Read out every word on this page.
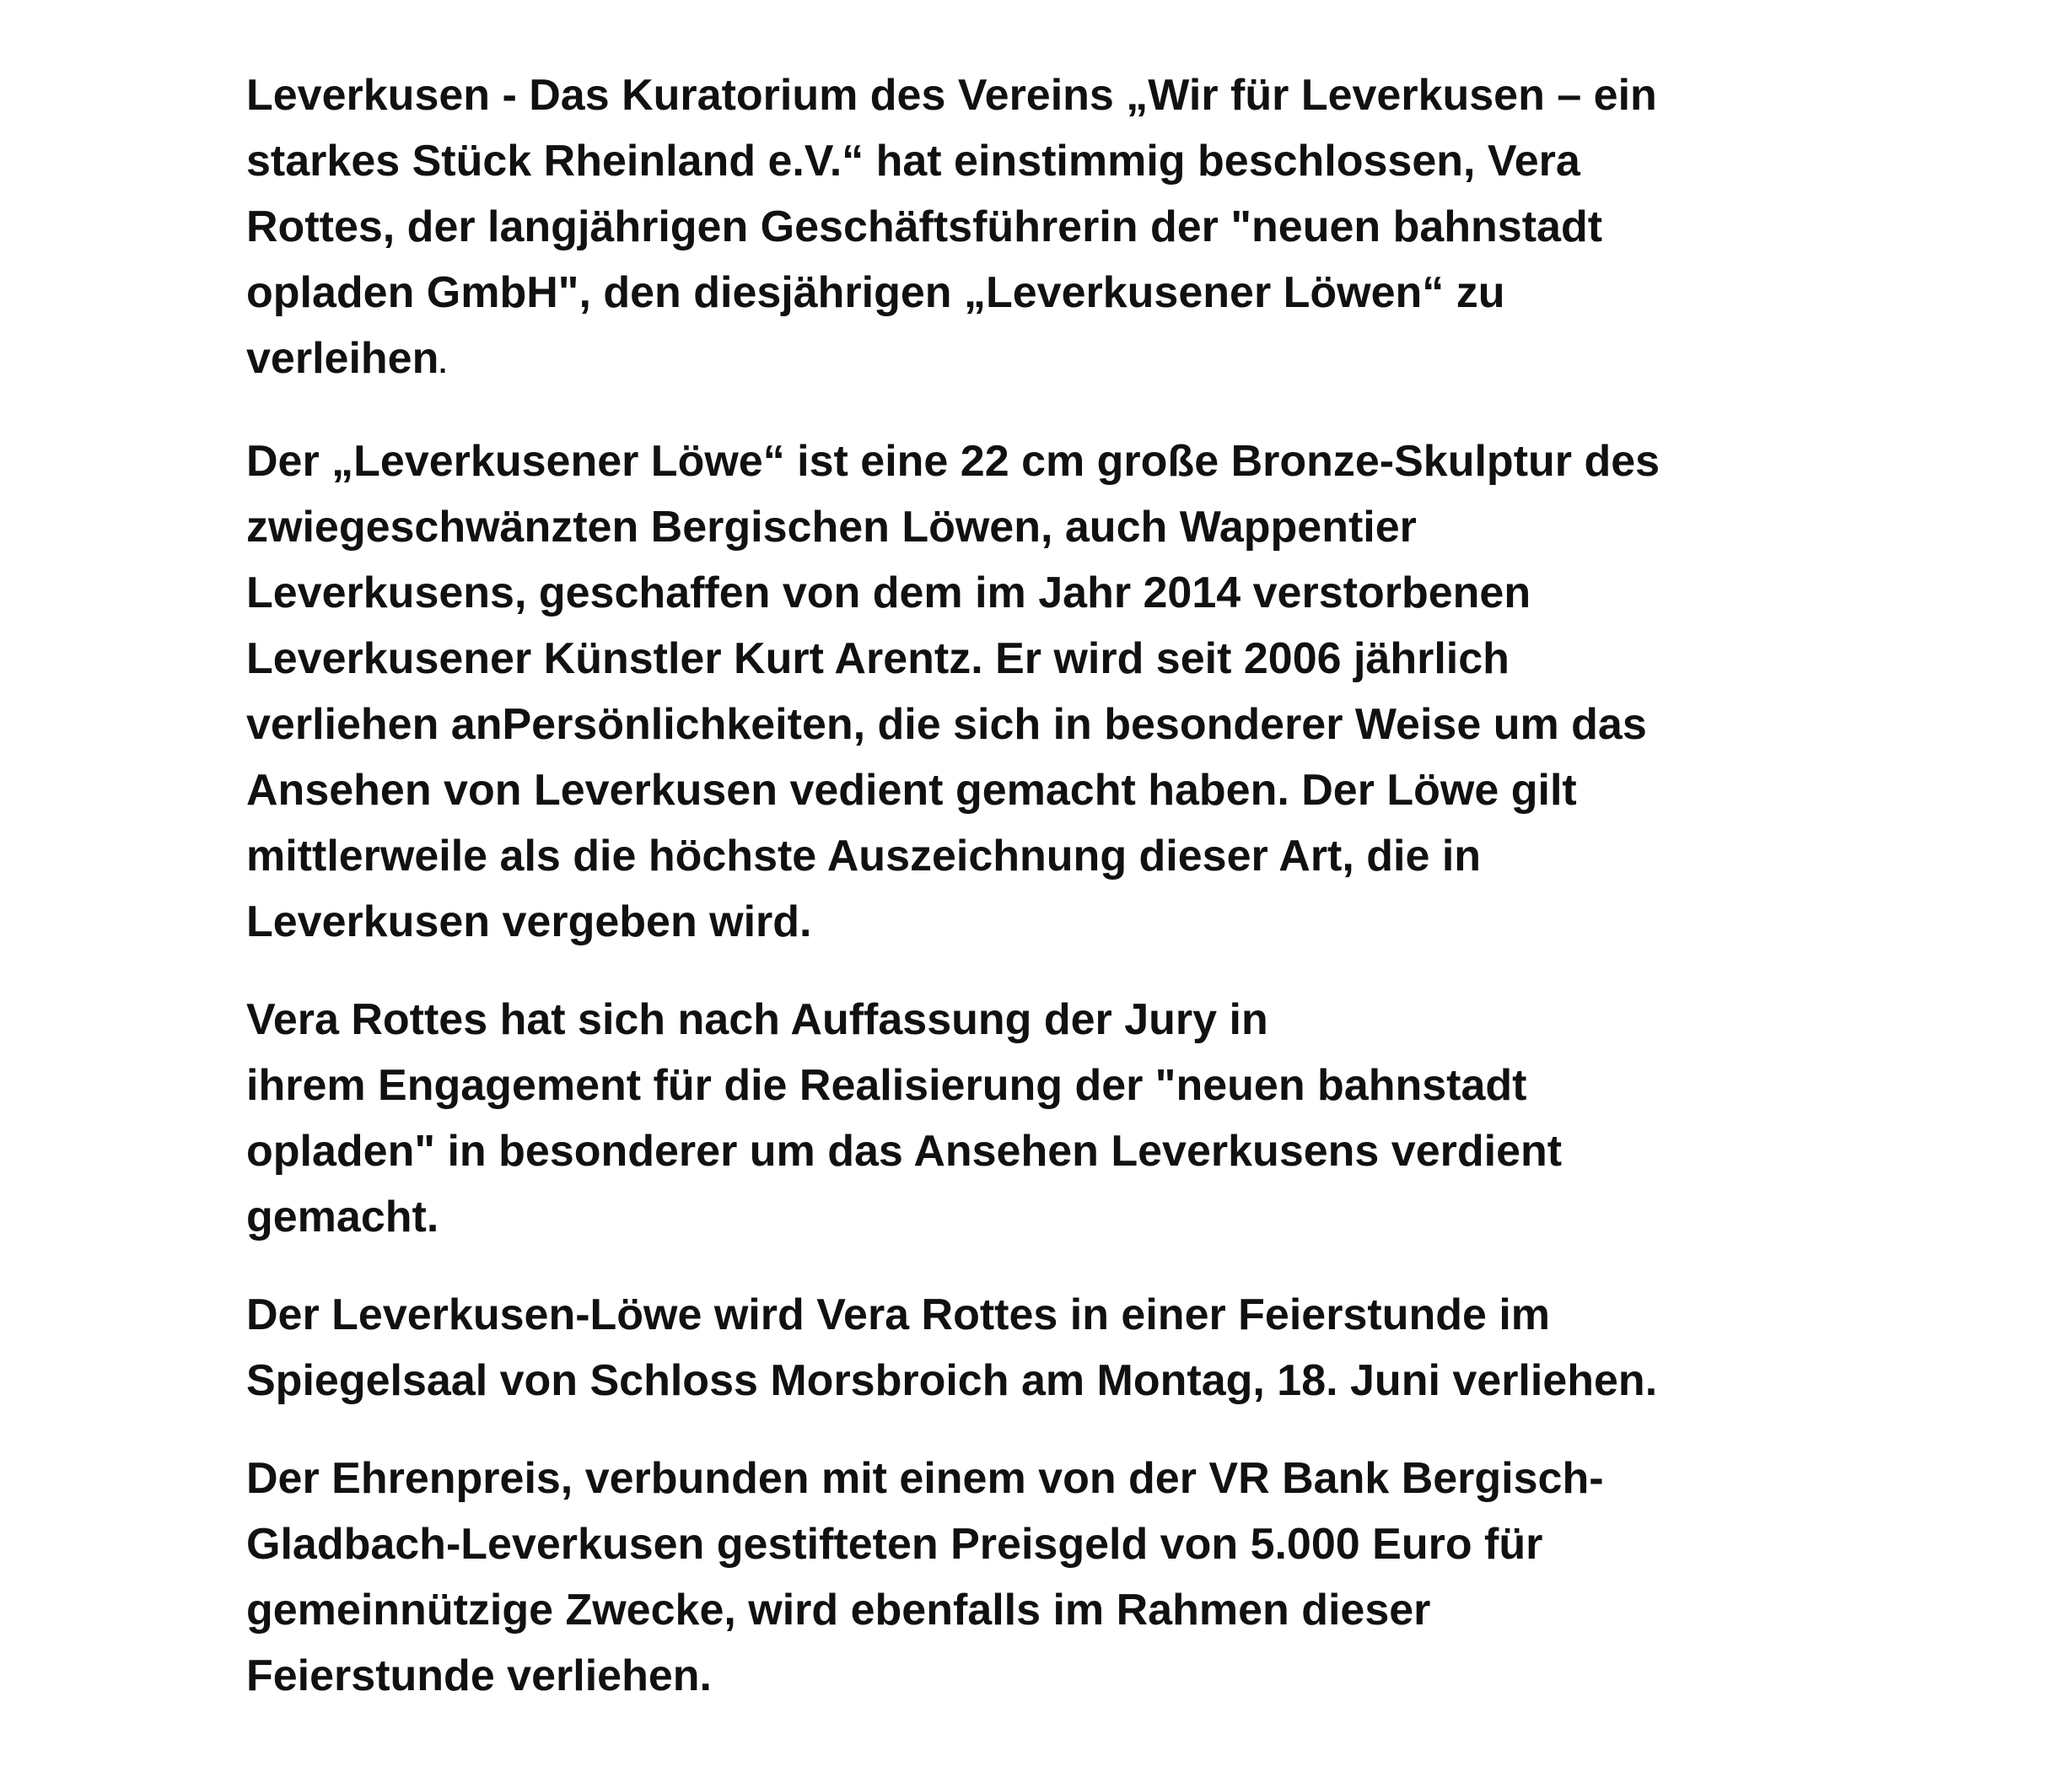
Leverkusen - Das Kuratorium des Vereins „Wir für Leverkusen – ein
starkes Stück Rheinland e.V.“ hat einstimmig beschlossen, Vera
Rottes, der langjährigen Geschäftsführerin der "neuen bahnstadt
opladen GmbH", den diesjährigen „Leverkusener Löwen“ zu
verleihen.

Der „Leverkusener Löwe“ ist eine 22 cm große Bronze-Skulptur des
zwiegeschwänzten Bergischen Löwen, auch Wappentier
Leverkusens, geschaffen von dem im Jahr 2014 verstorbenen
Leverkusener Künstler Kurt Arentz. Er wird seit 2006 jährlich
verliehen anPersönlichkeiten, die sich in besonderer Weise um das
Ansehen von Leverkusen vedient gemacht haben. Der Löwe gilt
mittlerweile als die höchste Auszeichnung dieser Art, die in
Leverkusen vergeben wird.

Vera Rottes hat sich nach Auffassung der Jury in
ihrem Engagement für die Realisierung der "neuen bahnstadt
opladen" in besonderer um das Ansehen Leverkusens verdient
gemacht.

Der Leverkusen-Löwe wird Vera Rottes in einer Feierstunde im
Spiegelsaal von Schloss Morsbroich am Montag, 18. Juni verliehen.

Der Ehrenpreis, verbunden mit einem von der VR Bank Bergisch-
Gladbach-Leverkusen gestifteten Preisgeld von 5.000 Euro für
gemeinnützige Zwecke, wird ebenfalls im Rahmen dieser
Feierstunde verliehen.
